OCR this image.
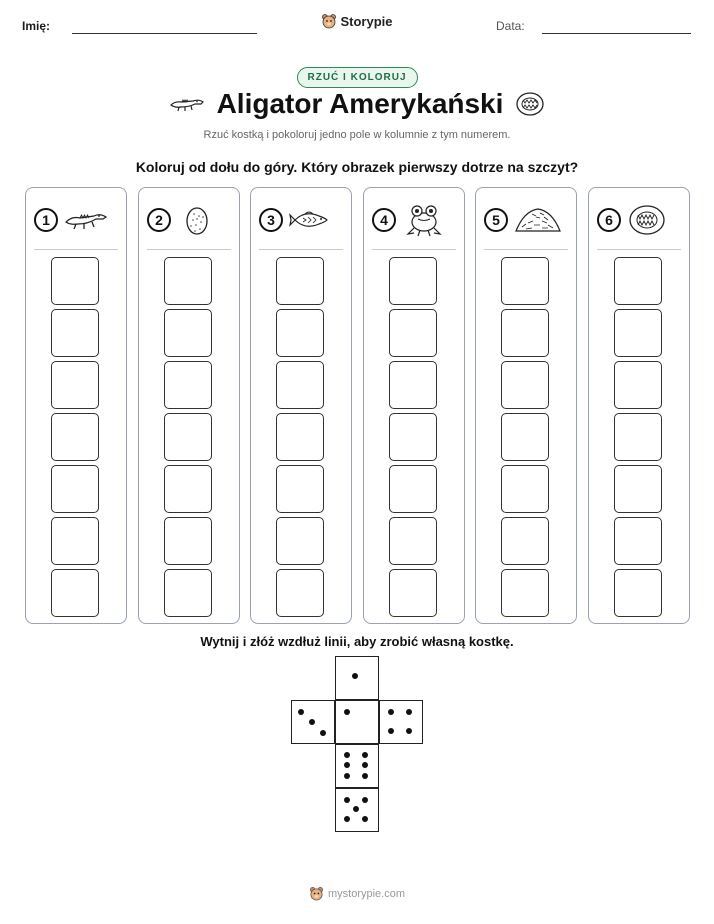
Imię:	Storypie	Data:
RZUĆ I KOLORUJ
Aligator Amerykański
Rzuć kostką i pokoloruj jedno pole w kolumnie z tym numerem.
Koloruj od dołu do góry. Który obrazek pierwszy dotrze na szczyt?
1	2	3	4	5	6
Wytnij i złóż wzdłuż linii, aby zrobić własną kostkę.
mystorypie.com
